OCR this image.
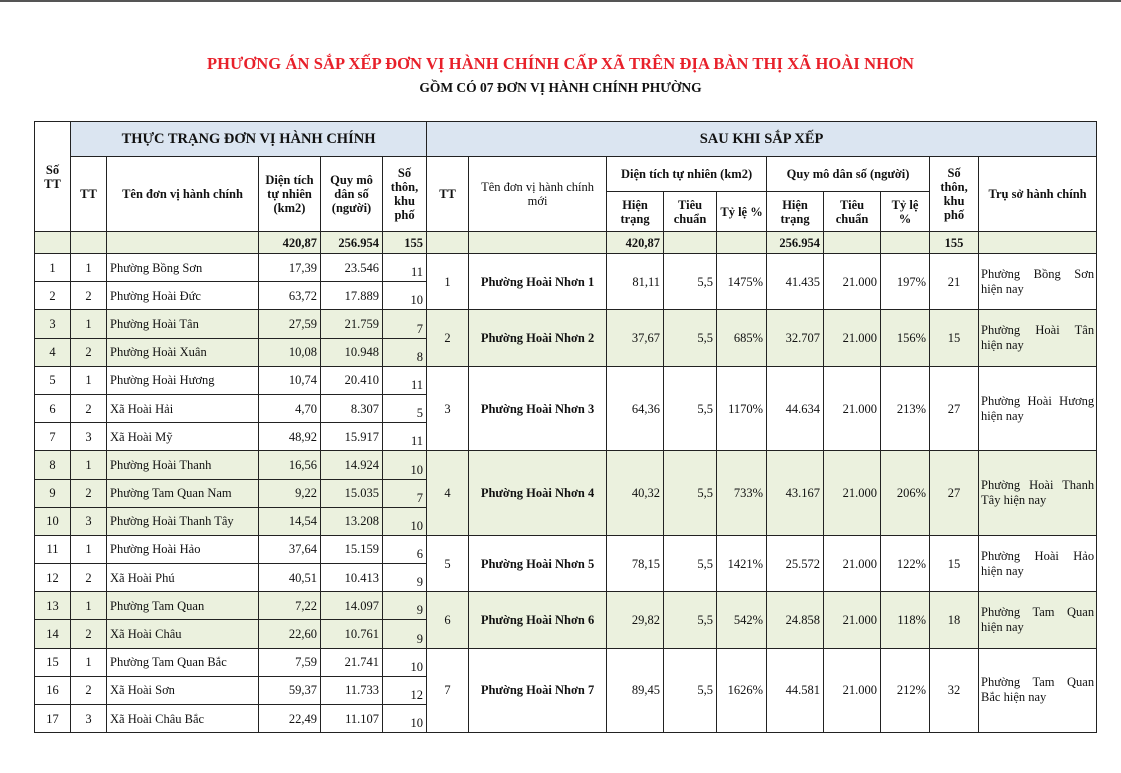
PHƯƠNG ÁN SẮP XẾP ĐƠN VỊ HÀNH CHÍNH CẤP XÃ TRÊN ĐỊA BÀN THỊ XÃ HOÀI NHƠN
GỒM CÓ 07 ĐƠN VỊ HÀNH CHÍNH PHƯỜNG
Số TT	THỰC TRẠNG ĐƠN VỊ HÀNH CHÍNH					SAU KHI SẮP XẾP									
	TT	Tên đơn vị hành chính	Diện tích tự nhiên (km2)	Quy mô dân số (người)	Số thôn, khu phố	TT	Tên đơn vị hành chính mới	Diện tích tự nhiên (km2)			Quy mô dân số (người)			Số thôn, khu phố	Trụ sở hành chính
								Hiện trạng	Tiêu chuẩn	Tỷ lệ %	Hiện trạng	Tiêu chuẩn	Tỷ lệ %		
			420,87	256.954	155			420,87			256.954			155	
1	1	Phường Bồng Sơn	17,39	23.546	11	1	Phường Hoài Nhơn 1	81,11	5,5	1475%	41.435	21.000	197%	21	Phường Bồng Sơn hiện nay
2	2	Phường Hoài Đức	63,72	17.889	10										
3	1	Phường Hoài Tân	27,59	21.759	7	2	Phường Hoài Nhơn 2	37,67	5,5	685%	32.707	21.000	156%	15	Phường Hoài Tân hiện nay
4	2	Phường Hoài Xuân	10,08	10.948	8										
5	1	Phường Hoài Hương	10,74	20.410	11	3	Phường Hoài Nhơn 3	64,36	5,5	1170%	44.634	21.000	213%	27	Phường Hoài Hương hiện nay
6	2	Xã Hoài Hải	4,70	8.307	5										
7	3	Xã Hoài Mỹ	48,92	15.917	11										
8	1	Phường Hoài Thanh	16,56	14.924	10	4	Phường Hoài Nhơn 4	40,32	5,5	733%	43.167	21.000	206%	27	Phường Hoài Thanh Tây hiện nay
9	2	Phường Tam Quan Nam	9,22	15.035	7										
10	3	Phường Hoài Thanh Tây	14,54	13.208	10										
11	1	Phường Hoài Hảo	37,64	15.159	6	5	Phường Hoài Nhơn 5	78,15	5,5	1421%	25.572	21.000	122%	15	Phường Hoài Hảo hiện nay
12	2	Xã Hoài Phú	40,51	10.413	9										
13	1	Phường Tam Quan	7,22	14.097	9	6	Phường Hoài Nhơn 6	29,82	5,5	542%	24.858	21.000	118%	18	Phường Tam Quan hiện nay
14	2	Xã Hoài Châu	22,60	10.761	9										
15	1	Phường Tam Quan Bắc	7,59	21.741	10	7	Phường Hoài Nhơn 7	89,45	5,5	1626%	44.581	21.000	212%	32	Phường Tam Quan Bắc hiện nay
16	2	Xã Hoài Sơn	59,37	11.733	12										
17	3	Xã Hoài Châu Bắc	22,49	11.107	10										
